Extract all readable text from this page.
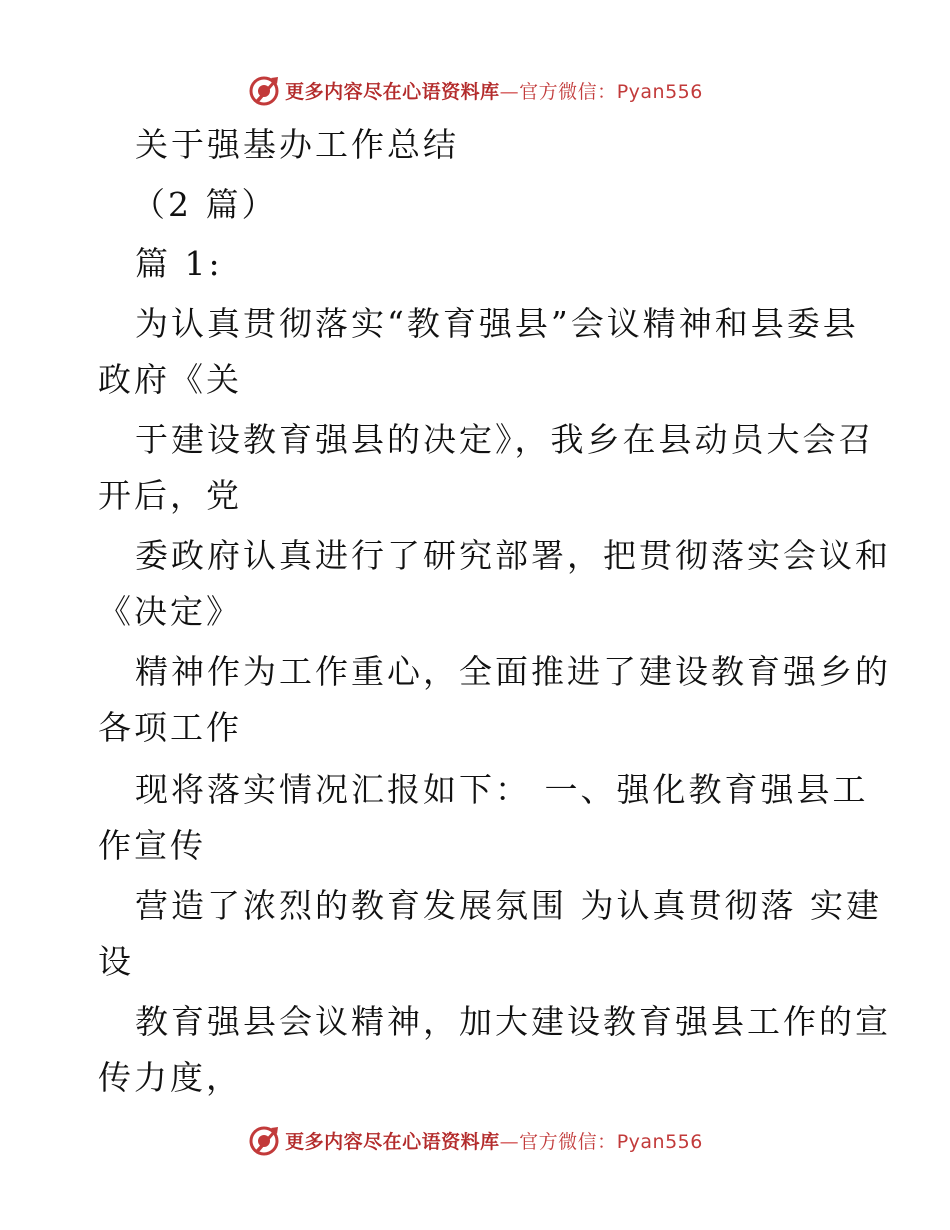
更多内容尽在心语资料库—官方微信：Pyan556
关于强基办工作总结
（2 篇）
篇 1:
为认真贯彻落实“教育强县”会议精神和县委县
政府《关
于建设教育强县的决定》，我乡在县动员大会召
开后，党
委政府认真进行了研究部署，把贯彻落实会议和
《决定》
精神作为工作重心，全面推进了建设教育强乡的
各项工作
现将落实情况汇报如下： 一、强化教育强县工
作宣传
营造了浓烈的教育发展氛围 为认真贯彻落 实建
设
教育强县会议精神，加大建设教育强县工作的宣
传力度，
更多内容尽在心语资料库—官方微信：Pyan556
